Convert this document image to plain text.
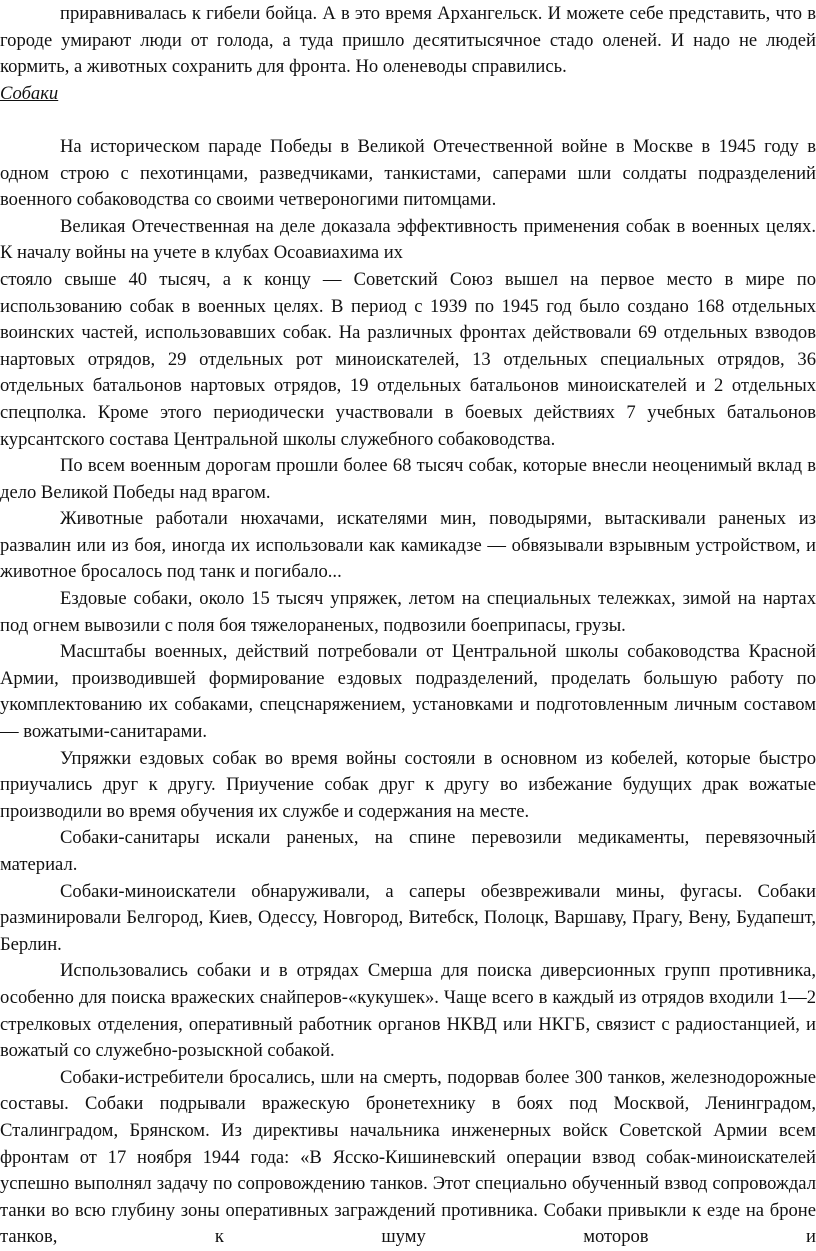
приравнивалась к гибели бойца. А в это время Архангельск. И можете себе представить, что в городе умирают люди от голода, а туда пришло десятитысячное стадо оленей. И надо не людей кормить, а животных сохранить для фронта. Но оленеводы справились.

Собаки

На историческом параде Победы в Великой Отечественной войне в Москве в 1945 году в одном строю с пехотинцами, разведчиками, танкистами, саперами шли солдаты подразделений военного собаководства со своими четвероногими питомцами.

Великая Отечественная на деле доказала эффективность применения собак в военных целях. К началу войны на учете в клубах Осоавиахима их

стояло свыше 40 тысяч, а к концу — Советский Союз вышел на первое место в мире по использованию собак в военных целях. В период с 1939 по 1945 год было создано 168 отдельных воинских частей, использовавших собак. На различных фронтах действовали 69 отдельных взводов нартовых отрядов, 29 отдельных рот миноискателей, 13 отдельных специальных отрядов, 36 отдельных батальонов нартовых отрядов, 19 отдельных батальонов миноискателей и 2 отдельных спецполка. Кроме этого периодически участвовали в боевых действиях 7 учебных батальонов курсантского состава Центральной школы служебного собаководства.

По всем военным дорогам прошли более 68 тысяч собак, которые внесли неоценимый вклад в дело Великой Победы над врагом.

Животные работали нюхачами, искателями мин, поводырями, вытаскивали раненых из развалин или из боя, иногда их использовали как камикадзе — обвязывали взрывным устройством, и животное бросалось под танк и погибало...

Ездовые собаки, около 15 тысяч упряжек, летом на специальных тележках, зимой на нартах под огнем вывозили с поля боя тяжелораненых, подвозили боеприпасы, грузы.

Масштабы военных, действий потребовали от Центральной школы собаководства Красной Армии, производившей формирование ездовых подразделений, проделать большую работу по укомплектованию их собаками, спецснаряжением, установками и подготовленным личным составом — вожатыми-санитарами.

Упряжки ездовых собак во время войны состояли в основном из кобелей, которые быстро приучались друг к другу. Приучение собак друг к другу во избежание будущих драк вожатые производили во время обучения их службе и содержания на месте.

Собаки-санитары искали раненых, на спине перевозили медикаменты, перевязочный материал.

Собаки-миноискатели обнаруживали, а саперы обезвреживали мины, фугасы. Собаки разминировали Белгород, Киев, Одессу, Новгород, Витебск, Полоцк, Варшаву, Прагу, Вену, Будапешт, Берлин.

Использовались собаки и в отрядах Смерша для поиска диверсионных групп противника, особенно для поиска вражеских снайперов-«кукушек». Чаще всего в каждый из отрядов входили 1—2 стрелковых отделения, оперативный работник органов НКВД или НКГБ, связист с радиостанцией, и вожатый со служебно-розыскной собакой.

Собаки-истребители бросались, шли на смерть, подорвав более 300 танков, железнодорожные составы. Собаки подрывали вражескую бронетехнику в боях под Москвой, Ленинградом, Сталинградом, Брянском. Из директивы начальника инженерных войск Советской Армии всем фронтам от 17 ноября 1944 года: «В Ясско-Кишиневский операции взвод собак-миноискателей успешно выполнял задачу по сопровождению танков. Этот специально обученный взвод сопровождал танки во всю глубину зоны оперативных заграждений противника. Собаки привыкли к езде на броне танков, к шуму моторов и
